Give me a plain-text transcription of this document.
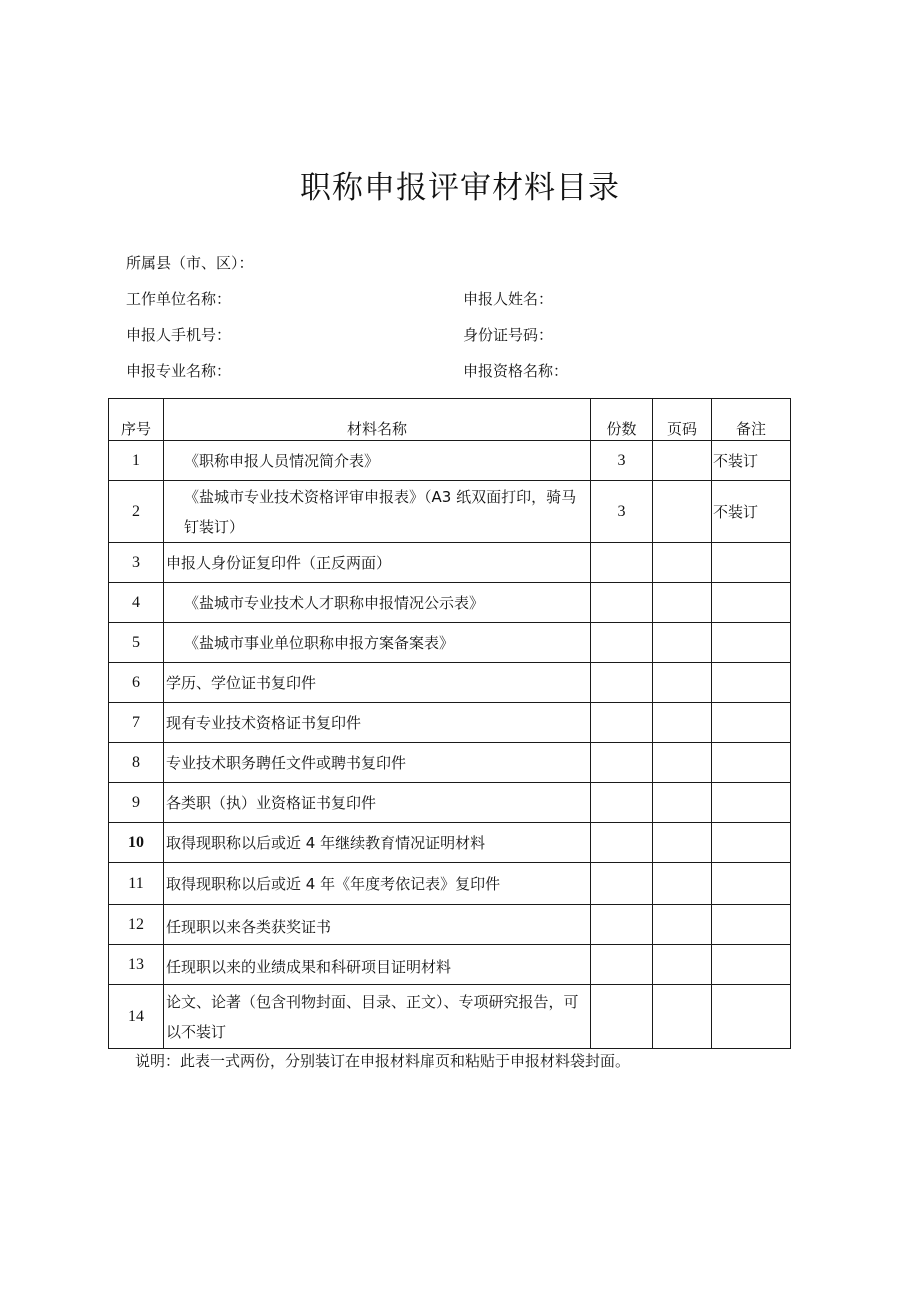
职称申报评审材料目录
所属县（市、区）：
工作单位名称：	申报人姓名：
申报人手机号：	身份证号码：
申报专业名称：	申报资格名称：
序号	材料名称	份数	页码	备注
1	《职称申报人员情况简介表》	3		不装订
2	《盐城市专业技术资格评审申报表》（A3 纸双面打印，骑马钉装订）	3		不装订
3	申报人身份证复印件（正反两面）			
4	《盐城市专业技术人才职称申报情况公示表》			
5	《盐城市事业单位职称申报方案备案表》			
6	学历、学位证书复印件			
7	现有专业技术资格证书复印件			
8	专业技术职务聘任文件或聘书复印件			
9	各类职（执）业资格证书复印件			
10	取得现职称以后或近 4 年继续教育情况证明材料			
11	取得现职称以后或近 4 年《年度考依记表》复印件			
12	任现职以来各类获奖证书			
13	任现职以来的业绩成果和科研项目证明材料			
14	论文、论著（包含刊物封面、目录、正文）、专项研究报告，可以不装订			
说明：此表一式两份，分别装订在申报材料扉页和粘贴于申报材料袋封面。
